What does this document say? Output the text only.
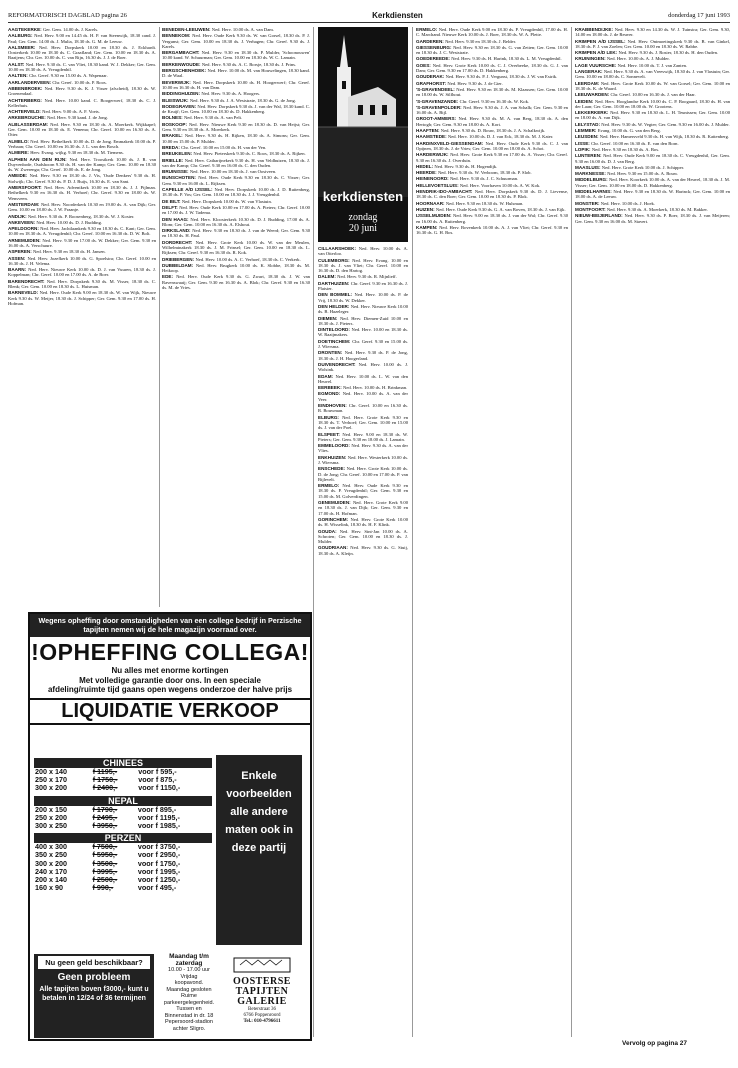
REFORMATORISCH DAGBLAD pagina 26	Kerkdiensten	donderdag 17 juni 1993

AAGTEKERKE: Ger. Gem. 14.00 ds. J. Karels.

AALBURG: Ned. Herv. 9.00 en 14.45 ds. H. P. van Steenwijk, 18.30 cand. J. Paul; Ger. Gem. 14.00 ds. J. Mulia, 18.30 ds. G. M. de Leeuw.

AALSMEER: Ned. Herv. Dorpskerk 10.00 en 18.30 ds. J. Eckhardt. Oosterkerk 10.00 en 18.30 ds. C. Graafland; Ger. Gem. 10.00 en 18.30 ds. A. Baaijens; Chr. Ger. 10.00 ds. C. van Rijn, 16.30 ds. J. J. de Boer.

AALST: Ned. Herv. 9.30 ds. C. van Vliet, 18.30 kand. W. J. Dekker; Ger. Gem. 10.00 en 18.30 ds. A. Vreugdenhil.

AALTEN: Chr. Geref. 9.30 en 15.00 ds. A. Wapenaar.

AARLANDERVEEN: Chr. Geref. 10.00 ds. P. Roos.

ABBENBROEK: Ned. Herv. 9.30 ds. K. J. Visser (afscheid), 18.30 ds. W. Groenendaal.

ACHTERBERG: Ned. Herv. 10.00 kand. C. Boogerwerf, 18.30 ds. C. J. Kellerhuis.

ACHTERVELD: Ned. Herv. 9.00 ds. A. F. Voets.

ARKEBROUCHE: Ned. Herv. 9.30 kand. J. de Jong.

ALBLASSERDAM: Ned. Herv. 9.30 en 18.30 ds. A. Moerkerk. Wijkkapel; Ger. Gem. 10.00 en 18.30 ds. E. Venema; Chr. Geref. 10.00 en 16.30 ds. A. Otter.

ALMELO: Ned. Herv. Bethelkerk 10.00 ds. D. de Jong. Emmakerk 10.00 ds. P. Verbaan; Chr. Geref. 10.00 en 16.30 ds. J. L. van den Bosch.

ALMERE: Herv. Evang. wijkg. 9.30 en 18.30 ds. M. Tiemens.

ALPHEN AAN DEN RIJN: Ned. Herv. Troostkerk 10.00 ds. J. R. van Duyvenbode, Oudshoorn 9.30 ds. H. van der Kamp; Ger. Gem. 10.00 en 18.30 ds. W. Zwerenga; Chr. Geref. 10.00 ds. E. de Jong.

AMEIDE: Ned. Herv. 9.30 en 18.30 ds. J. Vis, 'Oude Denkers' 9.30 ds. H. Stolwijk; Chr. Geref. 9.30 ds. P. D. J. Buijs, 16.30 ds. E. van Sant.

AMERSFOORT: Ned. Herv. Adventkerk 10.00 en 18.30 ds. J. J. Pijlman. Bethelkerk 9.30 en 16.30 ds. H. Verhoef; Chr. Geref. 9.30 en 18.00 ds. W. Wensveen.

AMSTERDAM: Ned. Herv. Noorderkerk 10.30 en 19.00 ds. A. van Dijk; Ger. Gem. 10.00 en 18.00 ds. J. W. Fraanje.

ANDIJK: Ned. Herv. 9.30 ds. P. Roosenberg, 18.30 ds. W. J. Koster.

ANKEVEEN: Ned. Herv. 10.00 ds. D. J. Budding.

APELDOORN: Ned. Herv. Jachtlaankerk 9.30 en 18.30 ds. C. Kant; Ger. Gem. 10.00 en 18.30 ds. A. Vreugdenhil; Chr. Geref. 10.00 en 16.30 ds. D. W. Bolt.

ARNEMUIDEN: Ned. Herv. 9.30 en 17.00 ds. W. Dekker; Ger. Gem. 9.30 en 16.00 ds. A. Verschuure.

ASPEREN: Ned. Herv. 9.30 en 18.30 ds. H. Jansen.

ASSEN: Ned. Herv. Jozefkerk 10.00 ds. G. Spoelstra; Chr. Geref. 10.00 en 16.30 ds. J. H. Velema.

BAARN: Ned. Herv. Nieuwe Kerk 10.00 ds. D. J. van Vuuren, 18.30 ds. J. Koppelman; Chr. Geref. 10.00 en 17.00 ds. A. de Boer.

BARENDRECHT: Ned. Herv. Dorpskerk 9.30 ds. M. Visser, 18.30 ds. C. Blenk; Ger. Gem. 10.00 en 18.30 ds. L. Huisman.

BARNEVELD: Ned. Herv. Oude Kerk 9.00 en 18.30 ds. W. van Wijk, Nieuwe Kerk 9.30 ds. W. Meijer, 18.30 ds. J. Schipper; Ger. Gem. 9.30 en 17.00 ds. H. Hofman.

BENEDEN-LEEUWEN: Ned. Herv. 10.00 ds. A. van Dam.

BENNEKOM: Ned. Herv. Oude Kerk 9.30 ds. W. van Gorsel, 18.30 ds. P. J. Vergunst; Ger. Gem. 10.00 en 18.30 ds. J. Verhagen; Chr. Geref. 9.30 ds. J. Karels.

BERGAMBACHT: Ned. Herv. 9.30 en 18.30 ds. P. Mulder, 'Schoonouwen' 10.00 kand. W. Schuurman; Ger. Gem. 10.00 en 18.30 ds. W. C. Lamain.

BERKENWOUDE: Ned. Herv. 9.30 ds. A. C. Borsje, 18.30 ds. J. Prins.

BERGSCHENHOEK: Ned. Herv. 10.00 ds. M. van Houwelingen, 18.30 kand. D. de Waal.

BEVERWIJK: Ned. Herv. Dorpskerk 10.00 ds. H. Hoogerwerf; Chr. Geref. 10.00 en 16.30 ds. H. van Dam.

BIDDINGHUIZEN: Ned. Herv. 9.30 ds. A. Hoogers.

BLEISWIJK: Ned. Herv. 9.30 ds. J. A. Weststrate, 18.30 ds. G. de Jong.

BODEGRAVEN: Ned. Herv. Dorpskerk 9.30 ds. J. van der Wal, 18.30 kand. C. de Kruijf; Ger. Gem. 10.00 en 18.30 ds. D. Hakkenberg.

BOLNES: Ned. Herv. 9.30 ds. A. van Pelt.

BOSKOOP: Ned. Herv. Nieuwe Kerk 9.30 en 18.30 ds. D. van Heijst; Ger. Gem. 9.30 en 18.30 ds. A. Moerkerk.

BRAKEL: Ned. Herv. 9.30 ds. H. Rijken, 18.30 ds. A. Simons; Ger. Gem. 10.00 en 15.00 ds. P. Mulder.

BREDA: Chr. Geref. 10.00 en 15.00 ds. H. van der Ven.

BREUKELEN: Ned. Herv. Pieterskerk 9.30 ds. C. Roos, 18.30 ds. A. Rijken.

BRIELLE: Ned. Herv. Catharijnekerk 9.30 ds. H. van Veldhuizen, 18.30 ds. J. van der Kamp; Chr. Geref. 9.30 en 16.00 ds. C. den Ouden.

BRUINISSE: Ned. Herv. 10.00 en 18.30 ds. J. van Oostveen.

BUNSCHOTEN: Ned. Herv. Oude Kerk 9.30 en 18.30 ds. C. Visser; Ger. Gem. 9.30 en 16.00 ds. L. Rijksen.

CAPELLE A/D IJSSEL: Ned. Herv. Dorpskerk 10.00 ds. J. D. Ruitenberg, 18.30 ds. P. Vos; Ger. Gem. 10.00 en 18.30 ds. J. J. Vreugdenhil.

DE BILT: Ned. Herv. Dorpskerk 10.00 ds. W. van Vlastuin.

DELFT: Ned. Herv. Oude Kerk 10.00 en 17.00 ds. A. Pieters; Chr. Geref. 10.00 en 17.00 ds. J. W. Tadema.

DEN HAAG: Ned. Herv. Kloosterkerk 10.30 ds. D. J. Budding, 17.00 ds. A. Blom; Ger. Gem. 10.00 en 16.30 ds. A. Elshout.

DIRKSLAND: Ned. Herv. 9.30 en 18.30 ds. J. van de Weerd; Ger. Gem. 9.30 en 18.30 ds. H. Paul.

DORDRECHT: Ned. Herv. Grote Kerk 10.00 ds. W. van der Meulen, Wilhelminakerk 18.30 ds. J. M. Frinsel; Ger. Gem. 10.00 en 18.30 ds. L. Rijksen; Chr. Geref. 9.30 en 16.30 ds. R. Kok.

DRIEBERGEN: Ned. Herv. 10.00 ds. A. C. Verhoef, 18.30 ds. C. Verkerk.

DUBBELDAM: Ned. Herv. Brugkerk 10.00 ds. K. Slobbe, 18.30 ds. M. Heikoop.

EDE: Ned. Herv. Oude Kerk 9.30 ds. G. Zwart, 18.30 ds. J. W. van Ravenswaaij; Ger. Gem. 9.30 en 16.30 ds. A. Blok; Chr. Geref. 9.30 en 16.30 ds. M. de Vries.

kerkdiensten
zondag
20 juni

CILLAARSHOEK: Ned. Herv. 10.00 ds. A. van Otterloo.

CULEMBORG: Ned. Herv. Evang. 10.00 en 18.30 ds. J. van Vliet; Chr. Geref. 10.00 en 16.30 ds. D. den Hartog.

DALEM: Ned. Herv. 9.30 ds. R. Mijnlieff.

DARTHUIZEN: Chr. Geref. 9.30 en 16.30 ds. J. Plaisier.

DEN BOMMEL: Ned. Herv. 10.00 ds. P. de Vrij, 18.30 ds. W. Dekker.

DEN HELDER: Ned. Herv. Nieuwe Kerk 10.00 ds. B. Hazeleger.

DIEMEN: Ned. Herv. Diemen-Zuid 10.00 en 18.30 ds. J. Pieters.

DINTELOORD: Ned. Herv. 10.00 en 18.30 ds. W. Raaijmakers.

DOETINCHEM: Chr. Geref. 9.30 en 15.00 ds. J. Wiersma.

DRONTEN: Ned. Herv. 9.30 ds. P. de Jong, 18.30 ds. J. H. Hoogerland.

DUIVENDRECHT: Ned. Herv. 10.00 ds. J. Wolsink.

EDAM: Ned. Herv. 10.00 ds. L. W. van den Heuvel.

EERBEEK: Ned. Herv. 10.00 ds. H. Brinkman.

EGMOND: Ned. Herv. 10.00 ds. A. van der Veer.

EINDHOVEN: Chr. Geref. 10.00 en 16.30 ds. R. Bouwman.

ELBURG: Ned. Herv. Grote Kerk 9.30 en 18.30 ds. T. Verhoef; Ger. Gem. 10.00 en 15.00 ds. J. van der Poel.

ELSPEET: Ned. Herv. 9.00 en 18.30 ds. W. Pieters; Ger. Gem. 9.30 en 18.00 ds. J. Lamain.

EMMELOORD: Ned. Herv. 9.30 ds. A. van der Vlies.

ENKHUIZEN: Ned. Herv. Westerkerk 10.00 ds. J. Wiersma.

ENSCHEDE: Ned. Herv. Grote Kerk 10.00 ds. D. de Jong; Chr. Geref. 10.00 en 17.00 ds. P. van Bijlevelt.

ERMELO: Ned. Herv. Oude Kerk 9.30 en 18.30 ds. P. Vreugdenhil; Ger. Gem. 9.30 en 15.00 ds. M. Golverdingen.

GENEMUIDEN: Ned. Herv. Grote Kerk 9.00 en 18.30 ds. J. van Dijk; Ger. Gem. 9.30 en 17.00 ds. H. Hofman.

GORINCHEM: Ned. Herv. Grote Kerk 10.00 ds. H. Wisselink, 18.30 ds. H. F. Klink.

GOUDA: Ned. Herv. Sint-Jan 10.00 ds. A. Schroten; Ger. Gem. 10.00 en 18.30 ds. J. Mulder.

GOUDRIAAN: Ned. Herv. 9.30 ds. G. Stuij, 18.30 ds. A. Kleijn.

ERMELO: Ned. Herv. Oude Kerk 9.00 en 18.30 ds. P. Vreugdenhil, 17.00 ds. H. C. Marchand. Nieuwe Kerk 10.00 ds. J. Boer, 18.30 ds. W. A. Plette.

GARDEREN: Ned. Herv. 9.30 en 18.30 ds. J. Belder.

GIESSENBURG: Ned. Herv. 9.30 en 18.30 ds. G. van Zetten; Ger. Gem. 10.00 en 18.30 ds. J. C. Weststrate.

GOEDEREEDE: Ned. Herv. 9.30 ds. H. Harink, 18.30 ds. L. M. Vreugdenhil.

GOES: Ned. Herv. Grote Kerk 10.00 ds. C. J. Overbeeke, 18.30 ds. G. J. van Dam; Ger. Gem. 9.30 en 17.00 ds. D. Hakkenberg.

GOUDERAK: Ned. Herv. 9.30 ds. P. J. Vergunst, 18.30 ds. J. W. van Estrik.

GRAFHORST: Ned. Herv. 9.30 ds. J. de Gier.

'S-GRAVENDEEL: Ned. Herv. 9.30 en 18.30 ds. M. Klaassen; Ger. Gem. 10.00 en 18.00 ds. W. Silfhout.

'S-GRAVENZANDE: Chr. Geref. 9.30 en 16.30 ds. W. Kok.

'S-GRAVENPOLDER: Ned. Herv. 9.30 ds. J. A. van Schalk; Ger. Gem. 9.30 en 16.00 ds. A. Bijl.

GROOT-AMMERS: Ned. Herv. 9.30 ds. M. A. van Berg, 18.30 ds. A. den Hertogh; Ger. Gem. 9.30 en 18.00 ds. A. Kort.

HAAFTEN: Ned. Herv. 9.30 ds. D. Bouw, 18.30 ds. J. A. Schalkwijk.

HAAMSTEDE: Ned. Herv. 10.00 ds. D. J. van Eck, 18.30 ds. M. J. Kater.

HARDINXVELD-GIESSENDAM: Ned. Herv. Oude Kerk 9.30 ds. C. J. van Opijnen, 18.30 ds. J. de Vries; Ger. Gem. 10.00 en 18.00 ds. A. Schot.

HARDERWIJK: Ned. Herv. Grote Kerk 9.30 en 17.00 ds. A. Visser; Chr. Geref. 9.30 en 16.30 ds. J. Overduin.

HEDEL: Ned. Herv. 9.30 ds. H. Hogendijk.

HEERDE: Ned. Herv. 9.30 ds. W. Verboom, 18.30 ds. P. Slob.

HEINENOORD: Ned. Herv. 9.30 ds. J. C. Schuurman.

HELLEVOETSLUIS: Ned. Herv. Voorhaven 10.00 ds. A. W. Kok.

HENDRIK-IDO-AMBACHT: Ned. Herv. Dorpskerk 9.30 ds. D. J. Lievense, 18.30 ds. C. den Boer; Ger. Gem. 10.00 en 18.30 ds. P. Blok.

HOORNAAR: Ned. Herv. 9.30 en 18.30 ds. W. Hulsman.

HUIZEN: Ned. Herv. Oude Kerk 9.30 ds. G. A. van Boven, 18.30 ds. J. van Eijk.

IJSSELMUIDEN: Ned. Herv. 9.00 en 18.30 ds. J. van der Wal; Chr. Geref. 9.30 en 16.00 ds. A. Ruitenberg.

KAMPEN: Ned. Herv. Bovenkerk 10.00 ds. A. J. van Vliet; Chr. Geref. 9.30 en 16.30 ds. G. H. Bos.

KRABBENDIJKE: Ned. Herv. 9.30 en 14.30 ds. W. J. Tuinstra; Ger. Gem. 9.30, 14.00 en 18.00 ds. J. de Reuver.

KRIMPEN A/D IJSSEL: Ned. Herv. Ontmoetingskerk 9.30 ds. B. van Ginkel, 18.30 ds. P. J. van Zoelen; Ger. Gem. 10.00 en 18.30 ds. W. Rabbe.

KRIMPEN A/D LEK: Ned. Herv. 9.30 ds. J. Rosier, 18.30 ds. H. den Ouden.

KRUININGEN: Ned. Herv. 10.00 ds. A. J. Mulder.

LAGE VUURSCHE: Ned. Herv. 10.00 ds. T. J. van Zanten.

LANGERAK: Ned. Herv. 9.30 ds. A. van Vreeswijk, 18.30 ds. J. van Vlastuin; Ger. Gem. 10.00 en 18.00 ds. C. Sonnevelt.

LEERDAM: Ned. Herv. Grote Kerk 10.00 ds. W. van Gorsel; Ger. Gem. 10.00 en 18.30 ds. K. de Waard.

LEEUWARDEN: Chr. Geref. 10.00 en 16.30 ds. J. van der Haar.

LEIDEN: Ned. Herv. Hooglandse Kerk 10.00 ds. C. P. Boogaard, 18.30 ds. H. van der Laan; Ger. Gem. 10.00 en 18.00 ds. W. Grootens.

LEKKERKERK: Ned. Herv. 9.30 en 18.30 ds. L. H. Teunissen; Ger. Gem. 10.00 en 18.00 ds. A. van Dijk.

LELYSTAD: Ned. Herv. 9.30 ds. W. Vegter; Ger. Gem. 9.30 en 16.00 ds. J. Mulder.

LEMMER: Evang. 10.00 ds. G. van den Berg.

LEUSDEN: Ned. Herv. Hamersveld 9.30 ds. H. van Wijk, 18.30 ds. R. Kattenberg.

LISSE: Chr. Geref. 10.00 en 16.30 ds. E. van den Born.

LOPIK: Ned. Herv. 9.30 en 18.30 ds. A. Bos.

LUNTEREN: Ned. Herv. Oude Kerk 9.00 en 18.30 ds. C. Vreugdenhil, Ger. Gem. 9.30 en 16.00 ds. D. J. van Berg.

MAASLUIS: Ned. Herv. Grote Kerk 10.00 ds. J. Schipper.

MARKNESSE: Ned. Herv. 9.30 en 15.00 ds. A. Bouw.

MIDDELBURG: Ned. Herv. Koorkerk 10.00 ds. A. van der Heuvel, 18.30 ds. J. M. Visser; Ger. Gem. 10.00 en 18.00 ds. D. Hakkenberg.

MIDDELHARNIS: Ned. Herv. 9.30 en 18.30 ds. W. Harinck; Ger. Gem. 10.00 en 18.00 ds. A. de Leeuw.

MONSTER: Ned. Herv. 10.00 ds. J. Hoek.

MONTFOORT: Ned. Herv. 9.30 ds. A. Moerkerk, 18.30 ds. M. Bakker.

NIEUW-BEIJERLAND: Ned. Herv. 9.30 ds. P. Boer, 18.30 ds. J. van Meijeren; Ger. Gem. 9.30 en 16.00 ds. M. Stavert.

Wegens opheffing door omstandigheden van een college bedrijf in Perzische tapijten nemen wij de hele magazijn voorraad over.
!OPHEFFING COLLEGA!
Nu alles met enorme kortingen
Met volledige garantie door ons. In een speciale
afdeling/ruimte tijd gaans open wegens onderzoe der halve prijs
LIQUIDATIE VERKOOP
CHINEES
200 x 140	f 1195,-	voor f 595,-
250 x 170	f 1750,-	voor f 875,-
300 x 200	f 2400,-	voor f 1150,-
NEPAL
200 x 150	f 1790,-	voor f 895,-
250 x 200	f 2495,-	voor f 1195,-
300 x 250	f 3950,-	voor f 1985,-
PERZEN
400 x 300	f 7500,-	voor f 3750,-
350 x 250	f 5950,-	voor f 2950,-
300 x 200	f 3500,-	voor f 1750,-
240 x 170	f 3995,-	voor f 1995,-
200 x 140	f 2500,-	voor f 1250,-
160 x 90	f 990,-	voor f 495,-
Enkele
voorbeelden
alle andere
maten ook in
deze partij
Nu geen geld beschikbaar?
Geen probleem
Alle tapijten boven f3000,- kunt u betalen in 12/24 of 36 termijnen
Maandag t/m zaterdag
10.00 - 17.00 uur
Vrijdag
koopavond.
Maandag gesloten
Ruime parkeergelegenheid.
Tussen en
Binnenstad in dr. 18
Pepersoord-stadion
achter Sligro.
OOSTERSE TAPIJTEN GALERIE
Beterstraat 36
6766 Poppenroord
Tel.: 010-4796611
Vervolg op pagina 27
